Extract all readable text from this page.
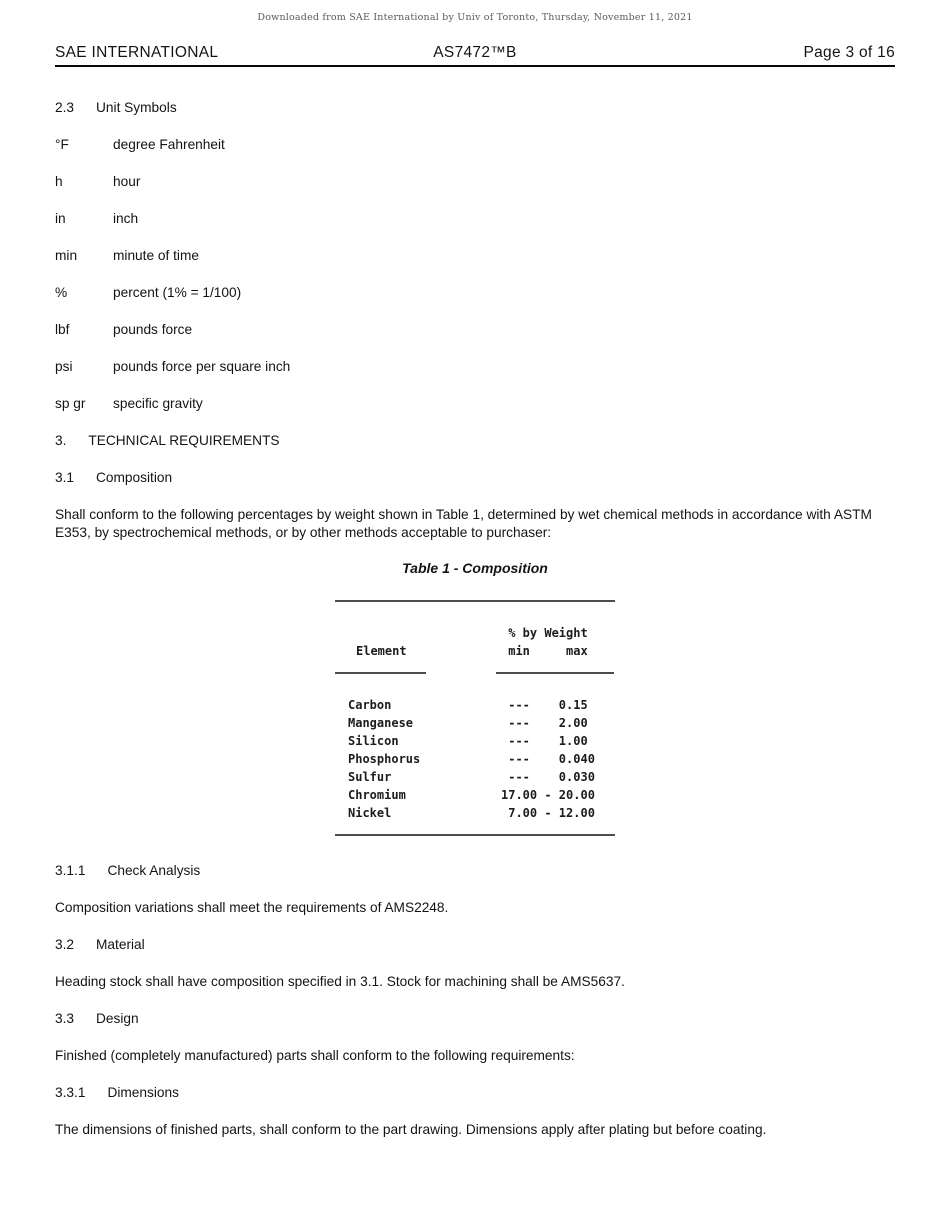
Downloaded from SAE International by Univ of Toronto, Thursday, November 11, 2021
SAE INTERNATIONAL	AS7472™B	Page 3 of 16
2.3 Unit Symbols
°F	degree Fahrenheit
h	hour
in	inch
min	minute of time
%	percent (1% = 1/100)
lbf	pounds force
psi	pounds force per square inch
sp gr	specific gravity
3. TECHNICAL REQUIREMENTS
3.1 Composition
Shall conform to the following percentages by weight shown in Table 1, determined by wet chemical methods in accordance with ASTM E353, by spectrochemical methods, or by other methods acceptable to purchaser:
Table 1 - Composition
% by Weight
Element	min     max
Carbon	---    0.15
Manganese	---    2.00
Silicon	---    1.00
Phosphorus	---    0.040
Sulfur	---    0.030
Chromium	17.00 - 20.00
Nickel	7.00 - 12.00
3.1.1 Check Analysis
Composition variations shall meet the requirements of AMS2248.
3.2 Material
Heading stock shall have composition specified in 3.1. Stock for machining shall be AMS5637.
3.3 Design
Finished (completely manufactured) parts shall conform to the following requirements:
3.3.1 Dimensions
The dimensions of finished parts, shall conform to the part drawing. Dimensions apply after plating but before coating.
